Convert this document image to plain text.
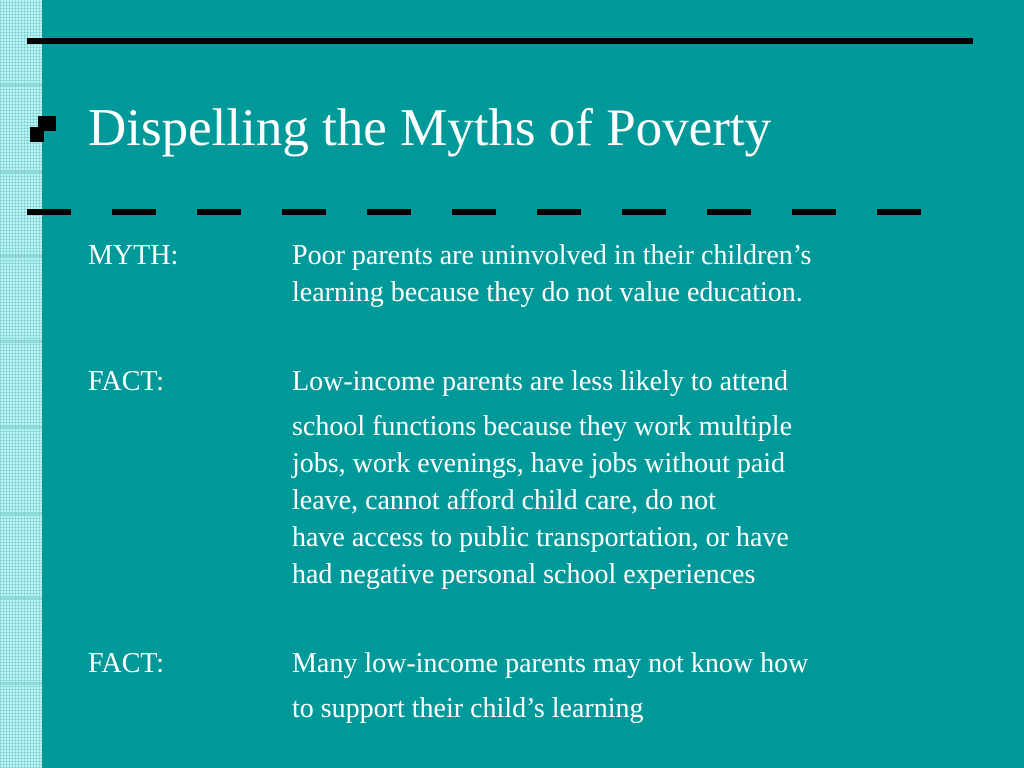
Dispelling the Myths of Poverty
MYTH:	Poor parents are uninvolved in their children’s
learning because they do not value education.
FACT:	Low-income parents are less likely to attend
school functions because they work multiple
jobs, work evenings, have jobs without paid
leave, cannot afford child care, do not
have access to public transportation, or have
had negative personal school experiences
FACT:	Many low-income parents may not know how
to support their child’s learning
